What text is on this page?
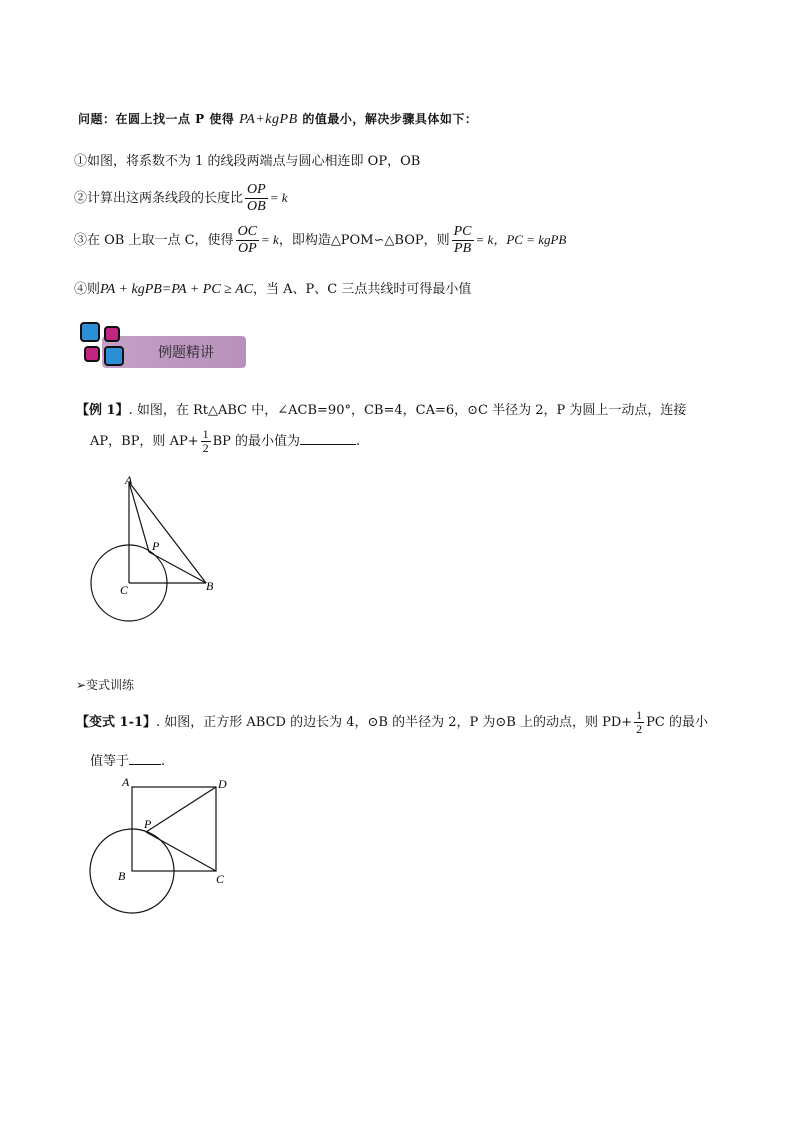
问题：在圆上找一点 P 使得 PA+kgPB 的值最小，解决步骤具体如下：
①如图，将系数不为 1 的线段两端点与圆心相连即 OP，OB
②计算出这两条线段的长度比 $\frac{OP}{OB} = k$
③在 OB 上取一点 C，使得 $\frac{OC}{OP} = k$，即构造△POM∽△BOP，则 $\frac{PC}{PB} = k$，PC = kgPB
④则PA + kgPB=PA + PC ≥ AC，当 A、P、C 三点共线时可得最小值
例题精讲
【例 1】. 如图，在 Rt△ABC 中，∠ACB=90°，CB=4，CA=6，⊙C 半径为 2，P 为圆上一动点，连接
AP，BP，则 $AP+ \frac{1}{2}$ BP 的最小值为	.
A
P
C	B
➢变式训练
【变式 1-1】. 如图，正方形 ABCD 的边长为 4，⊙B 的半径为 2，P 为⊙B 上的动点，则 $PD+ \frac{1}{2}$ PC 的最小
值等于 .
A	D
P
B	C
